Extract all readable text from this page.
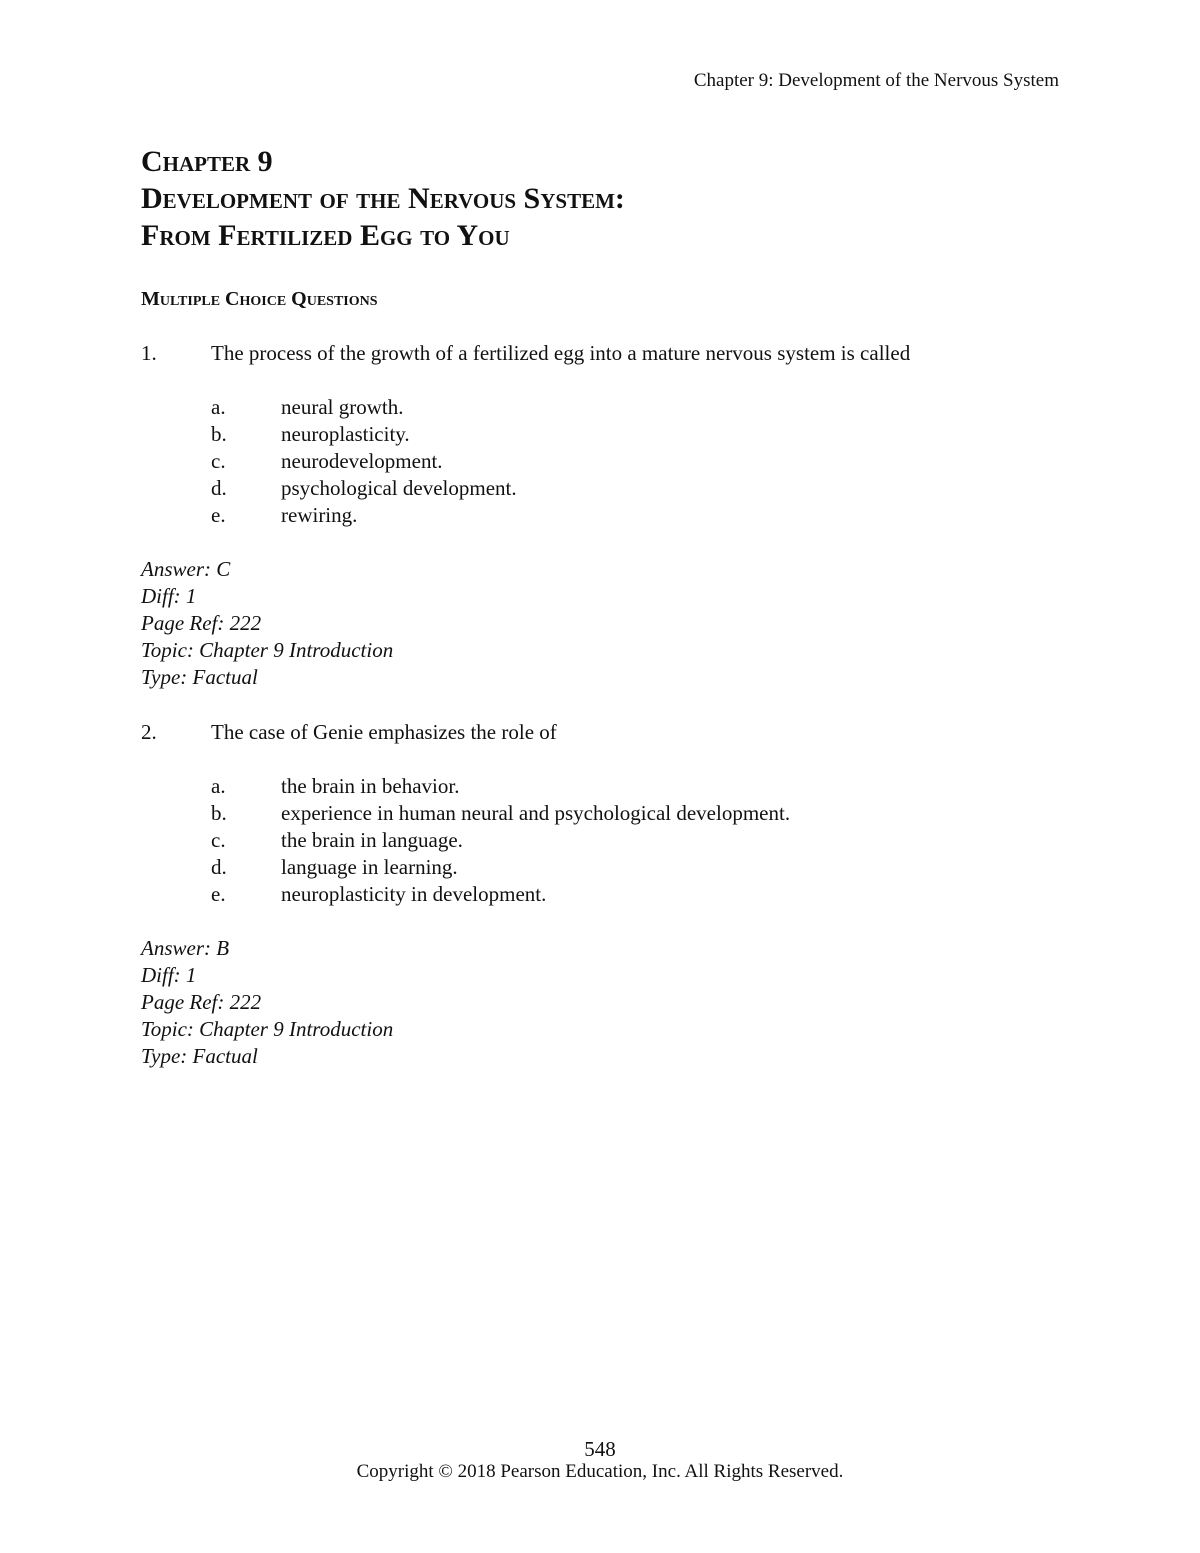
Chapter 9: Development of the Nervous System
Chapter 9
Development of the Nervous System:
From Fertilized Egg to You
Multiple Choice Questions
1.	The process of the growth of a fertilized egg into a mature nervous system is called
a.	neural growth.
b.	neuroplasticity.
c.	neurodevelopment.
d.	psychological development.
e.	rewiring.
Answer: C
Diff: 1
Page Ref: 222
Topic: Chapter 9 Introduction
Type: Factual
2.	The case of Genie emphasizes the role of
a.	the brain in behavior.
b.	experience in human neural and psychological development.
c.	the brain in language.
d.	language in learning.
e.	neuroplasticity in development.
Answer: B
Diff: 1
Page Ref: 222
Topic: Chapter 9 Introduction
Type: Factual
548
Copyright © 2018 Pearson Education, Inc. All Rights Reserved.
